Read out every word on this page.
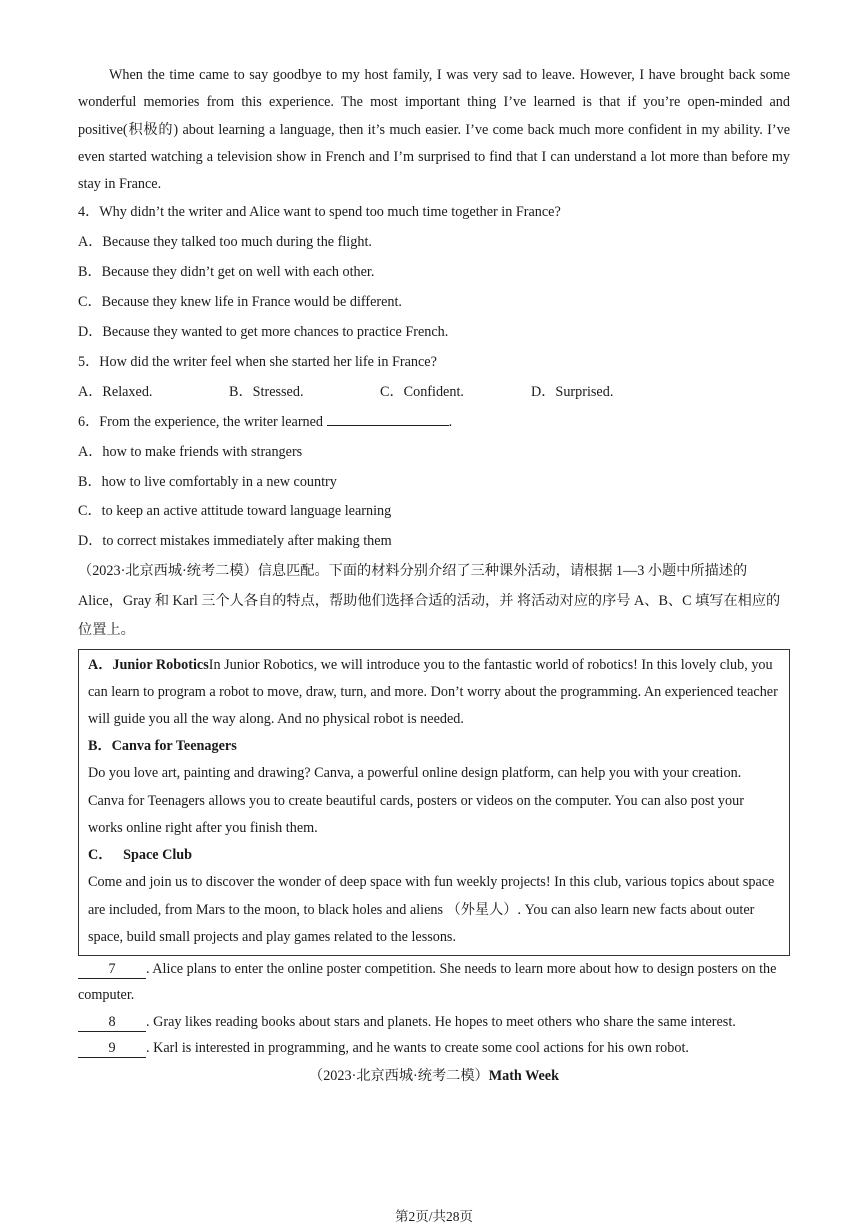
When the time came to say goodbye to my host family, I was very sad to leave. However, I have brought back some wonderful memories from this experience. The most important thing I’ve learned is that if you’re open-minded and positive(积极的) about learning a language, then it’s much easier. I’ve come back much more confident in my ability. I’ve even started watching a television show in French and I’m surprised to find that I can understand a lot more than before my stay in France.

4．Why didn’t the writer and Alice want to spend too much time together in France?
A．Because they talked too much during the flight.
B．Because they didn’t get on well with each other.
C．Because they knew life in France would be different.
D．Because they wanted to get more chances to practice French.
5．How did the writer feel when she started her life in France?
A．Relaxed.	B．Stressed.	C．Confident.	D．Surprised.
6．From the experience, the writer learned	.
A．how to make friends with strangers
B．how to live comfortably in a new country
C．to keep an active attitude toward language learning
D．to correct mistakes immediately after making them

（2023·北京西城·统考二模）信息匹配。下面的材料分别介绍了三种课外活动，请根据 1—3 小题中所描述的 Alice，Gray 和 Karl 三个人各自的特点，帮助他们选择合适的活动，并 将活动对应的序号 A、B、C 填写在相应的位置上。

A．Junior RoboticsIn Junior Robotics, we will introduce you to the fantastic world of robotics! In this lovely club, you can learn to program a robot to move, draw, turn, and more. Don’t worry about the programming. An experienced teacher will guide you all the way along. And no physical robot is needed.

B．Canva for Teenagers

Do you love art, painting and drawing? Canva, a powerful online design platform, can help you with your creation. Canva for Teenagers allows you to create beautiful cards, posters or videos on the computer. You can also post your works online right after you finish them.

C．   Space Club

Come and join us to discover the wonder of deep space with fun weekly projects! In this club, various topics about space are included, from Mars to the moon, to black holes and aliens （外星人）. You can also learn new facts about outer space, build small projects and play games related to the lessons.

7 . Alice plans to enter the online poster competition. She needs to learn more about how to design posters on the computer.

8 . Gray likes reading books about stars and planets. He hopes to meet others who share the same interest.

9 . Karl is interested in programming, and he wants to create some cool actions for his own robot.

（2023·北京西城·统考二模）Math Week
第2页/共28页
